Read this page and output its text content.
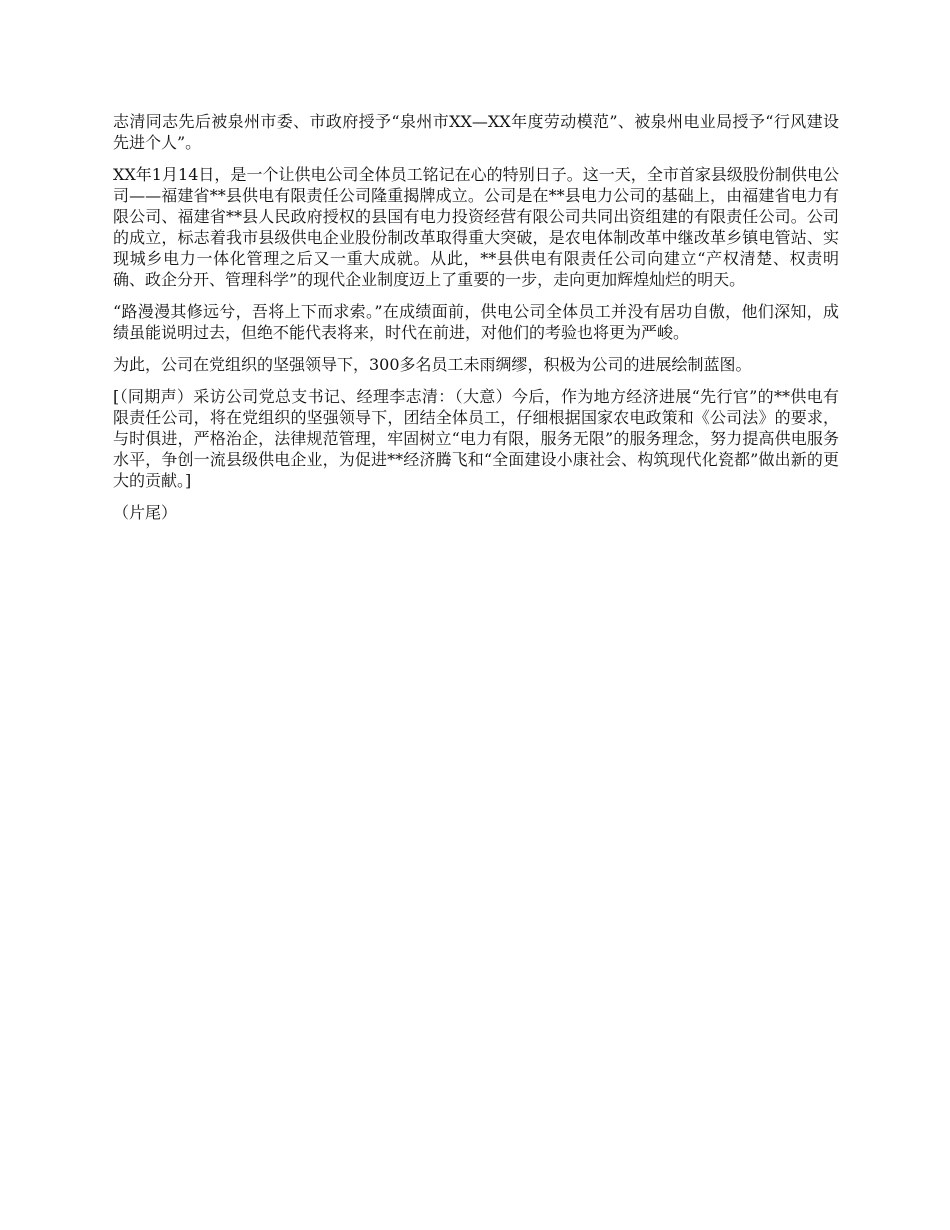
志清同志先后被泉州市委、市政府授予“泉州市XX—XX年度劳动模范”、被泉州电业局授予“行风建设先进个人”。

XX年1月14日，是一个让供电公司全体员工铭记在心的特别日子。这一天，全市首家县级股份制供电公司——福建省**县供电有限责任公司隆重揭牌成立。公司是在**县电力公司的基础上，由福建省电力有限公司、福建省**县人民政府授权的县国有电力投资经营有限公司共同出资组建的有限责任公司。公司的成立，标志着我市县级供电企业股份制改革取得重大突破，是农电体制改革中继改革乡镇电管站、实现城乡电力一体化管理之后又一重大成就。从此，**县供电有限责任公司向建立“产权清楚、权责明确、政企分开、管理科学”的现代企业制度迈上了重要的一步，走向更加辉煌灿烂的明天。

“路漫漫其修远兮，吾将上下而求索。”在成绩面前，供电公司全体员工并没有居功自傲，他们深知，成绩虽能说明过去，但绝不能代表将来，时代在前进，对他们的考验也将更为严峻。

为此，公司在党组织的坚强领导下，300多名员工未雨绸缪，积极为公司的进展绘制蓝图。

[（同期声）采访公司党总支书记、经理李志清：（大意）今后，作为地方经济进展“先行官”的**供电有限责任公司，将在党组织的坚强领导下，团结全体员工，仔细根据国家农电政策和《公司法》的要求，与时俱进，严格治企，法律规范管理，牢固树立“电力有限，服务无限”的服务理念，努力提高供电服务水平，争创一流县级供电企业，为促进**经济腾飞和“全面建设小康社会、构筑现代化瓷都”做出新的更大的贡献。]

（片尾）
